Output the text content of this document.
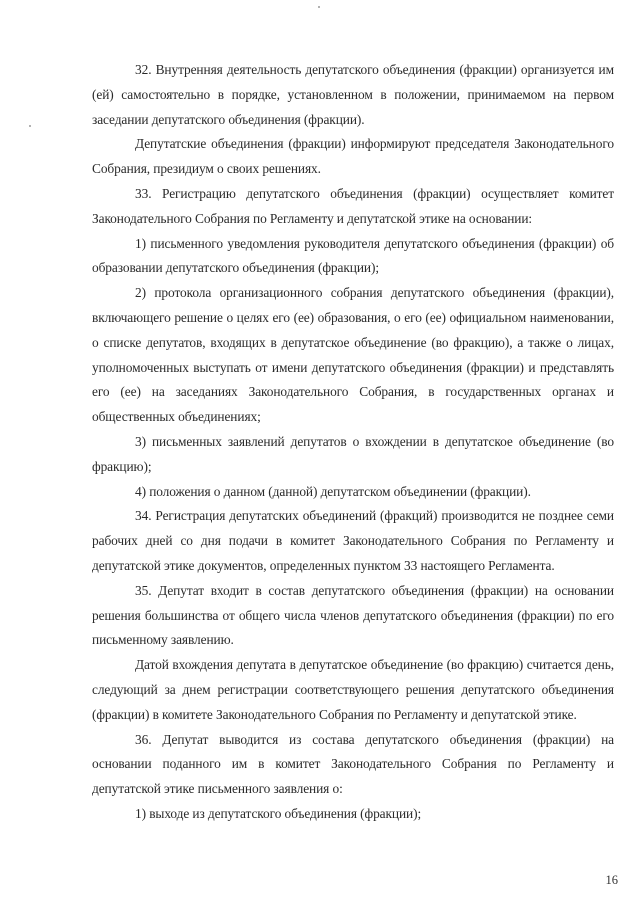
32. Внутренняя деятельность депутатского объединения (фракции) организуется им (ей) самостоятельно в порядке, установленном в положении, принимаемом на первом заседании депутатского объединения (фракции).

Депутатские объединения (фракции) информируют председателя Законодательного Собрания, президиум о своих решениях.

33. Регистрацию депутатского объединения (фракции) осуществляет комитет Законодательного Собрания по Регламенту и депутатской этике на основании:

1) письменного уведомления руководителя депутатского объединения (фракции) об образовании депутатского объединения (фракции);

2) протокола организационного собрания депутатского объединения (фракции), включающего решение о целях его (ее) образования, о его (ее) официальном наименовании, о списке депутатов, входящих в депутатское объединение (во фракцию), а также о лицах, уполномоченных выступать от имени депутатского объединения (фракции) и представлять его (ее) на заседаниях Законодательного Собрания, в государственных органах и общественных объединениях;

3) письменных заявлений депутатов о вхождении в депутатское объединение (во фракцию);

4) положения о данном (данной) депутатском объединении (фракции).

34. Регистрация депутатских объединений (фракций) производится не позднее семи рабочих дней со дня подачи в комитет Законодательного Собрания по Регламенту и депутатской этике документов, определенных пунктом 33 настоящего Регламента.

35. Депутат входит в состав депутатского объединения (фракции) на основании решения большинства от общего числа членов депутатского объединения (фракции) по его письменному заявлению.

Датой вхождения депутата в депутатское объединение (во фракцию) считается день, следующий за днем регистрации соответствующего решения депутатского объединения (фракции) в комитете Законодательного Собрания по Регламенту и депутатской этике.

36. Депутат выводится из состава депутатского объединения (фракции) на основании поданного им в комитет Законодательного Собрания по Регламенту и депутатской этике письменного заявления о:

1) выходе из депутатского объединения (фракции);

16
